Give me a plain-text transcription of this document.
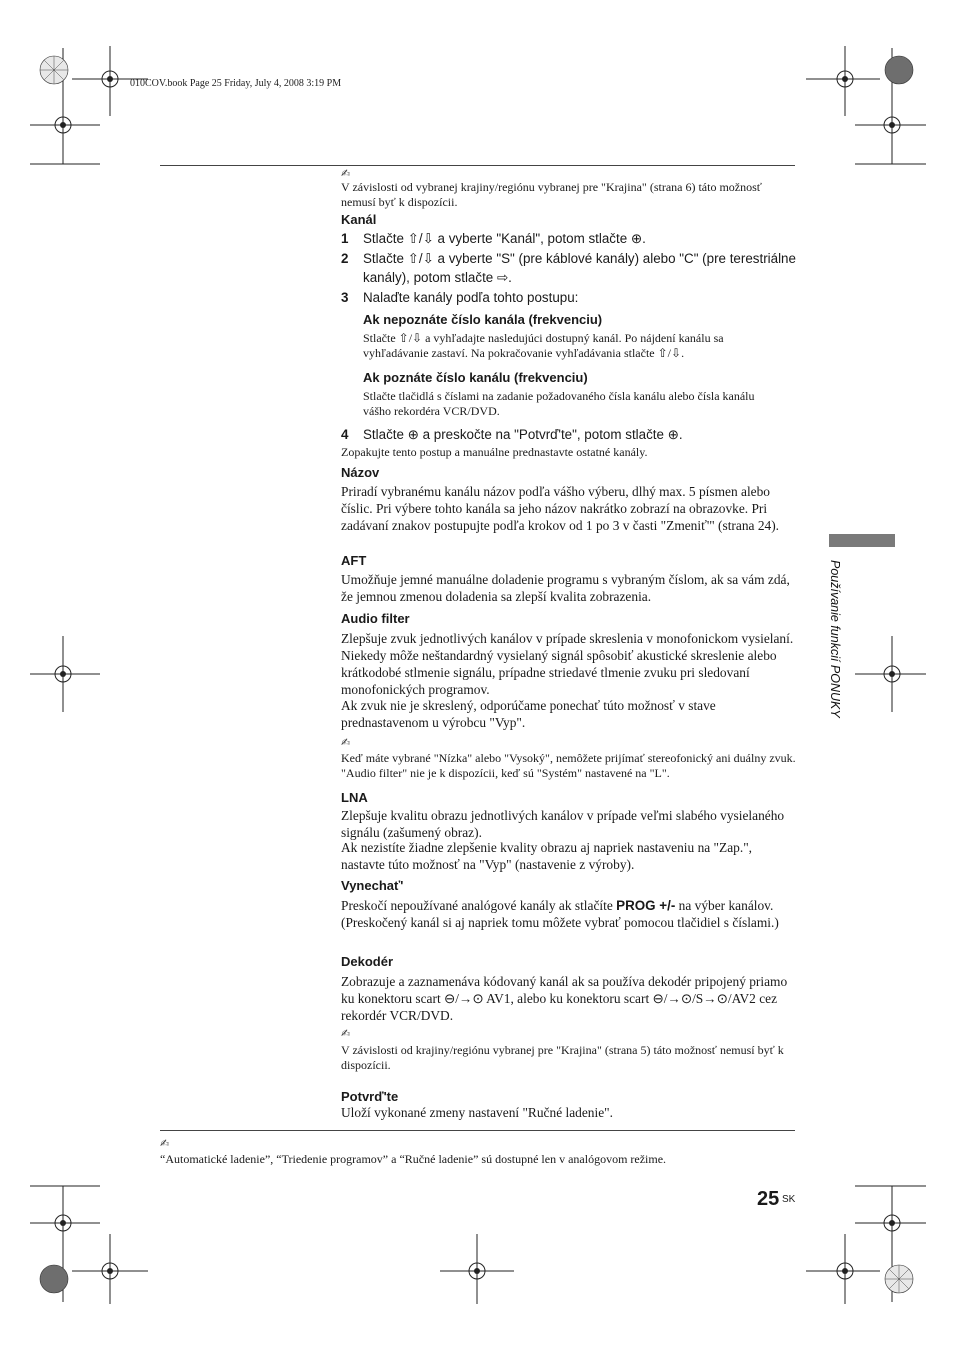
010COV.book Page 25 Friday, July 4, 2008 3:19 PM
✍
V závislosti od vybranej krajiny/regiónu vybranej pre "Krajina" (strana 6) táto možnosť nemusí byť k dispozícii.
Kanál
1 Stlačte ⇧/⇩ a vyberte "Kanál", potom stlačte ⊕.
2 Stlačte ⇧/⇩ a vyberte "S" (pre káblové kanály) alebo "C" (pre terestriálne kanály), potom stlačte ⇨.
3 Nalaďte kanály podľa tohto postupu:
Ak nepoznáte číslo kanála (frekvenciu)
Stlačte ⇧/⇩ a vyhľadajte nasledujúci dostupný kanál. Po nájdení kanálu sa vyhľadávanie zastaví. Na pokračovanie vyhľadávania stlačte ⇧/⇩.
Ak poznáte číslo kanálu (frekvenciu)
Stlačte tlačidlá s číslami na zadanie požadovaného čísla kanálu alebo čísla kanálu vášho rekordéra VCR/DVD.
4 Stlačte ⊕ a preskočte na "Potvrď'te", potom stlačte ⊕.
Zopakujte tento postup a manuálne prednastavte ostatné kanály.
Názov
Priradí vybranému kanálu názov podľa vášho výberu, dlhý max. 5 písmen alebo číslic. Pri výbere tohto kanála sa jeho názov nakrátko zobrazí na obrazovke. Pri zadávaní znakov postupujte podľa krokov od 1 po 3 v časti "Zmeniť'" (strana 24).
AFT
Umožňuje jemné manuálne doladenie programu s vybraným číslom, ak sa vám zdá, že jemnou zmenou doladenia sa zlepší kvalita zobrazenia.
Audio filter
Zlepšuje zvuk jednotlivých kanálov v prípade skreslenia v monofonickom vysielaní. Niekedy môže neštandardný vysielaný signál spôsobiť akustické skreslenie alebo krátkodobé stlmenie signálu, prípadne striedavé tlmenie zvuku pri sledovaní monofonických programov.
Ak zvuk nie je skreslený, odporúčame ponechať túto možnosť v stave prednastavenom u výrobcu "Vyp".
✍
Keď máte vybrané "Nízka" alebo "Vysoký", nemôžete prijímať stereofonický ani duálny zvuk. "Audio filter" nie je k dispozícii, keď sú "Systém" nastavené na "L".
LNA
Zlepšuje kvalitu obrazu jednotlivých kanálov v prípade veľmi slabého vysielaného signálu (zašumený obraz).
Ak nezistíte žiadne zlepšenie kvality obrazu aj napriek nastaveniu na "Zap.", nastavte túto možnosť na "Vyp" (nastavenie z výroby).
Vynechať'
Preskočí nepoužívané analógové kanály ak stlačíte PROG +/- na výber kanálov. (Preskočený kanál si aj napriek tomu môžete vybrať pomocou tlačidiel s číslami.)
Dekodér
Zobrazuje a zaznamenáva kódovaný kanál ak sa používa dekodér pripojený priamo ku konektoru scart ⊖/→⊙ AV1, alebo ku konektoru scart ⊖/→⊙/S→⊙/AV2 cez rekordér VCR/DVD.
✍
V závislosti od krajiny/regiónu vybranej pre "Krajina" (strana 5) táto možnosť nemusí byť k dispozícii.
Potvrď'te
Uloží vykonané zmeny nastavení "Ručné ladenie".
✍
“Automatické ladenie”, “Triedenie programov” a “Ručné ladenie” sú dostupné len v analógovom režime.
Používanie funkcií PONUKY
25 SK
